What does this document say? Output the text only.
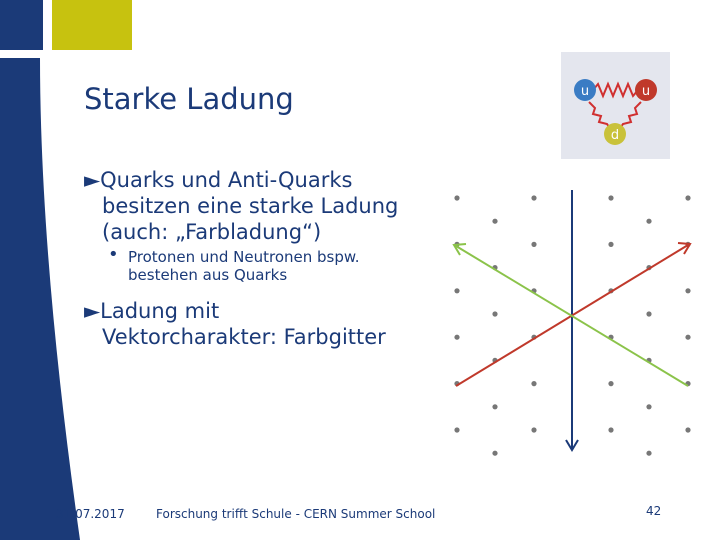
Starke Ladung
►Quarks und Anti-Quarks
besitzen eine starke Ladung
(auch: „Farbladung“)
• Protonen und Neutronen bspw.
bestehen aus Quarks
►Ladung mit
Vektorcharakter: Farbgitter
u	u
d
31.07.2017	Forschung trifft Schule - CERN Summer School	42
